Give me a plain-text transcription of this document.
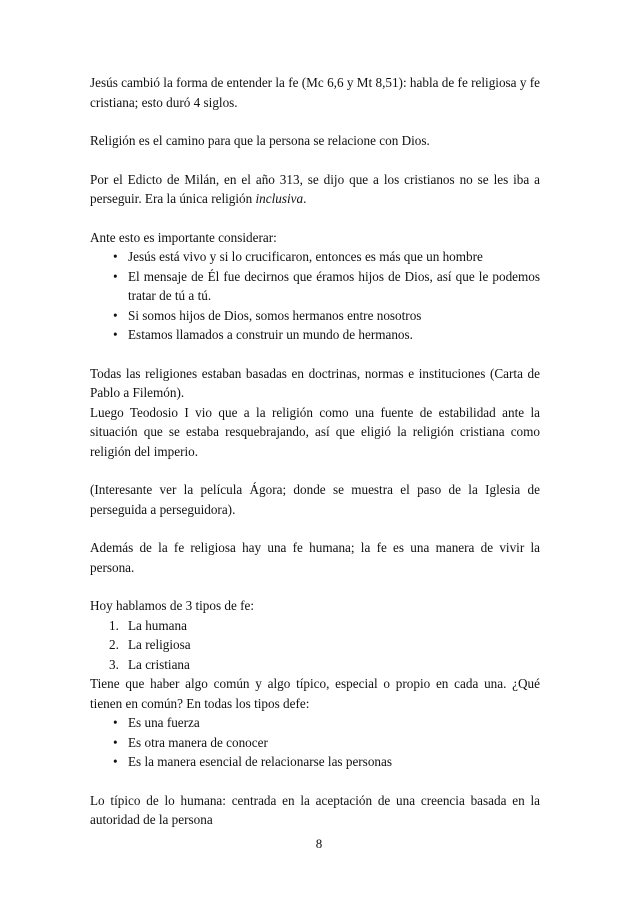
Jesús cambió la forma de entender la fe (Mc 6,6 y Mt 8,51): habla de fe religiosa y fe cristiana; esto duró 4 siglos.

Religión es el camino para que la persona se relacione con Dios.

Por el Edicto de Milán, en el año 313, se dijo que a los cristianos no se les iba a perseguir. Era la única religión inclusiva.

Ante esto es importante considerar:

• Jesús está vivo y si lo crucificaron, entonces es más que un hombre
• El mensaje de Él fue decirnos que éramos hijos de Dios, así que le podemos tratar de tú a tú.
• Si somos hijos de Dios, somos hermanos entre nosotros
• Estamos llamados a construir un mundo de hermanos.

Todas las religiones estaban basadas en doctrinas, normas e instituciones (Carta de Pablo a Filemón).

Luego Teodosio I vio que a la religión como una fuente de estabilidad ante la situación que se estaba resquebrajando, así que eligió la religión cristiana como religión del imperio.

(Interesante ver la película Ágora; donde se muestra el paso de la Iglesia de perseguida a perseguidora).

Además de la fe religiosa hay una fe humana; la fe es una manera de vivir la persona.

Hoy hablamos de 3 tipos de fe:

1. La humana
2. La religiosa
3. La cristiana

Tiene que haber algo común y algo típico, especial o propio en cada una. ¿Qué tienen en común? En todas los tipos defe:

• Es una fuerza
• Es otra manera de conocer
• Es la manera esencial de relacionarse las personas

Lo típico de lo humana: centrada en la aceptación de una creencia basada en la autoridad de la persona

8
